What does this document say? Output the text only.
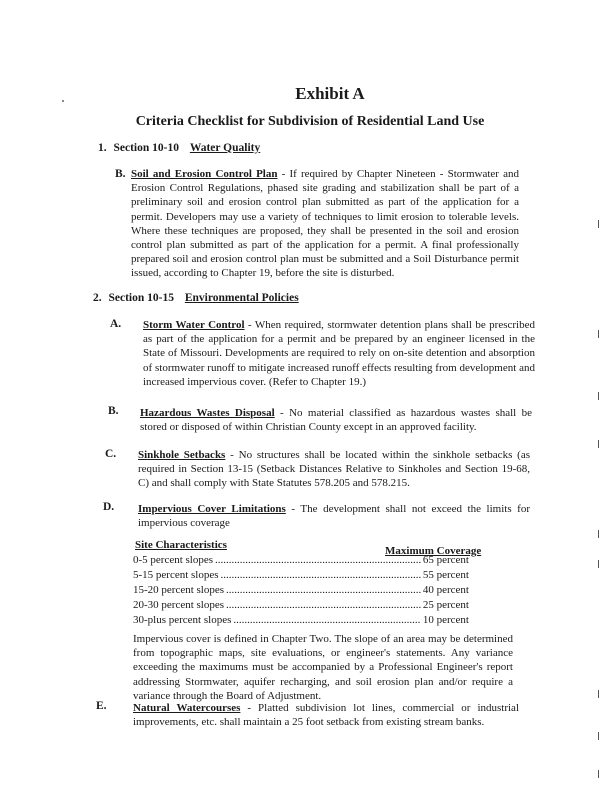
Exhibit A
Criteria Checklist for Subdivision of Residential Land Use
1. Section 10-10 Water Quality
B. Soil and Erosion Control Plan - If required by Chapter Nineteen - Stormwater and Erosion Control Regulations, phased site grading and stabilization shall be part of a preliminary soil and erosion control plan submitted as part of the application for a permit. Developers may use a variety of techniques to limit erosion to tolerable levels. Where these techniques are proposed, they shall be presented in the soil and erosion control plan submitted as part of the application for a permit. A final professionally prepared soil and erosion control plan must be submitted and a Soil Disturbance permit issued, according to Chapter 19, before the site is disturbed.
2. Section 10-15 Environmental Policies
A. Storm Water Control - When required, stormwater detention plans shall be prescribed as part of the application for a permit and be prepared by an engineer licensed in the State of Missouri. Developments are required to rely on on-site detention and absorption of stormwater runoff to mitigate increased runoff effects resulting from development and increased impervious cover. (Refer to Chapter 19.)
B. Hazardous Wastes Disposal - No material classified as hazardous wastes shall be stored or disposed of within Christian County except in an approved facility.
C. Sinkhole Setbacks - No structures shall be located within the sinkhole setbacks (as required in Section 13-15 (Setback Distances Relative to Sinkholes and Section 19-68, C) and shall comply with State Statutes 578.205 and 578.215.
D. Impervious Cover Limitations - The development shall not exceed the limits for impervious coverage
Site Characteristics	Maximum Coverage
0-5 percent slopes .....	65 percent
5-15 percent slopes .....	55 percent
15-20 percent slopes .....	40 percent
20-30 percent slopes .....	25 percent
30-plus percent slopes .....	10 percent
Impervious cover is defined in Chapter Two. The slope of an area may be determined from topographic maps, site evaluations, or engineer's statements. Any variance exceeding the maximums must be accompanied by a Professional Engineer's report addressing Stormwater, aquifer recharging, and soil erosion plan and/or require a variance through the Board of Adjustment.
E. Natural Watercourses - Platted subdivision lot lines, commercial or industrial improvements, etc. shall maintain a 25 foot setback from existing stream banks.
